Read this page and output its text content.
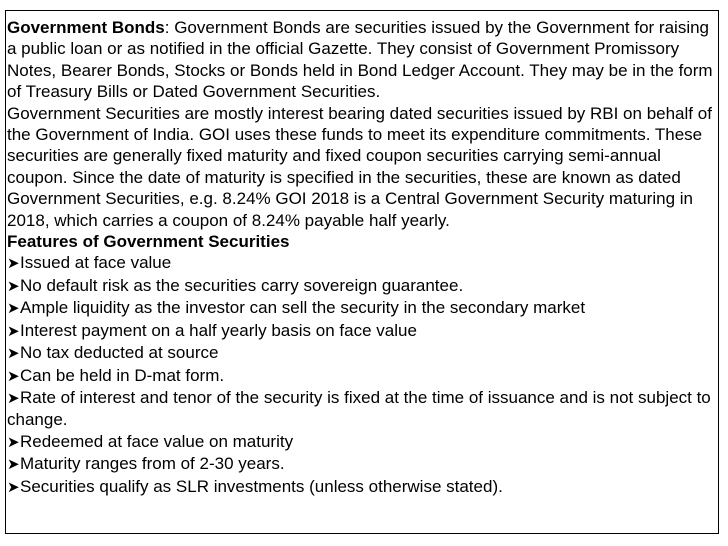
Government Bonds: Government Bonds are securities issued by the Government for raising a public loan or as notified in the official Gazette. They consist of Government Promissory Notes, Bearer Bonds, Stocks or Bonds held in Bond Ledger Account. They may be in the form of Treasury Bills or Dated Government Securities.

Government Securities are mostly interest bearing dated securities issued by RBI on behalf of the Government of India. GOI uses these funds to meet its expenditure commitments. These securities are generally fixed maturity and fixed coupon securities carrying semi-annual coupon. Since the date of maturity is specified in the securities, these are known as dated Government Securities, e.g. 8.24% GOI 2018 is a Central Government Security maturing in 2018, which carries a coupon of 8.24% payable half yearly.

Features of Government Securities

➤Issued at face value
➤No default risk as the securities carry sovereign guarantee.
➤Ample liquidity as the investor can sell the security in the secondary market
➤Interest payment on a half yearly basis on face value
➤No tax deducted at source
➤Can be held in D-mat form.
➤Rate of interest and tenor of the security is fixed at the time of issuance and is not subject to change.
➤Redeemed at face value on maturity
➤Maturity ranges from of 2-30 years.
➤Securities qualify as SLR investments (unless otherwise stated).
